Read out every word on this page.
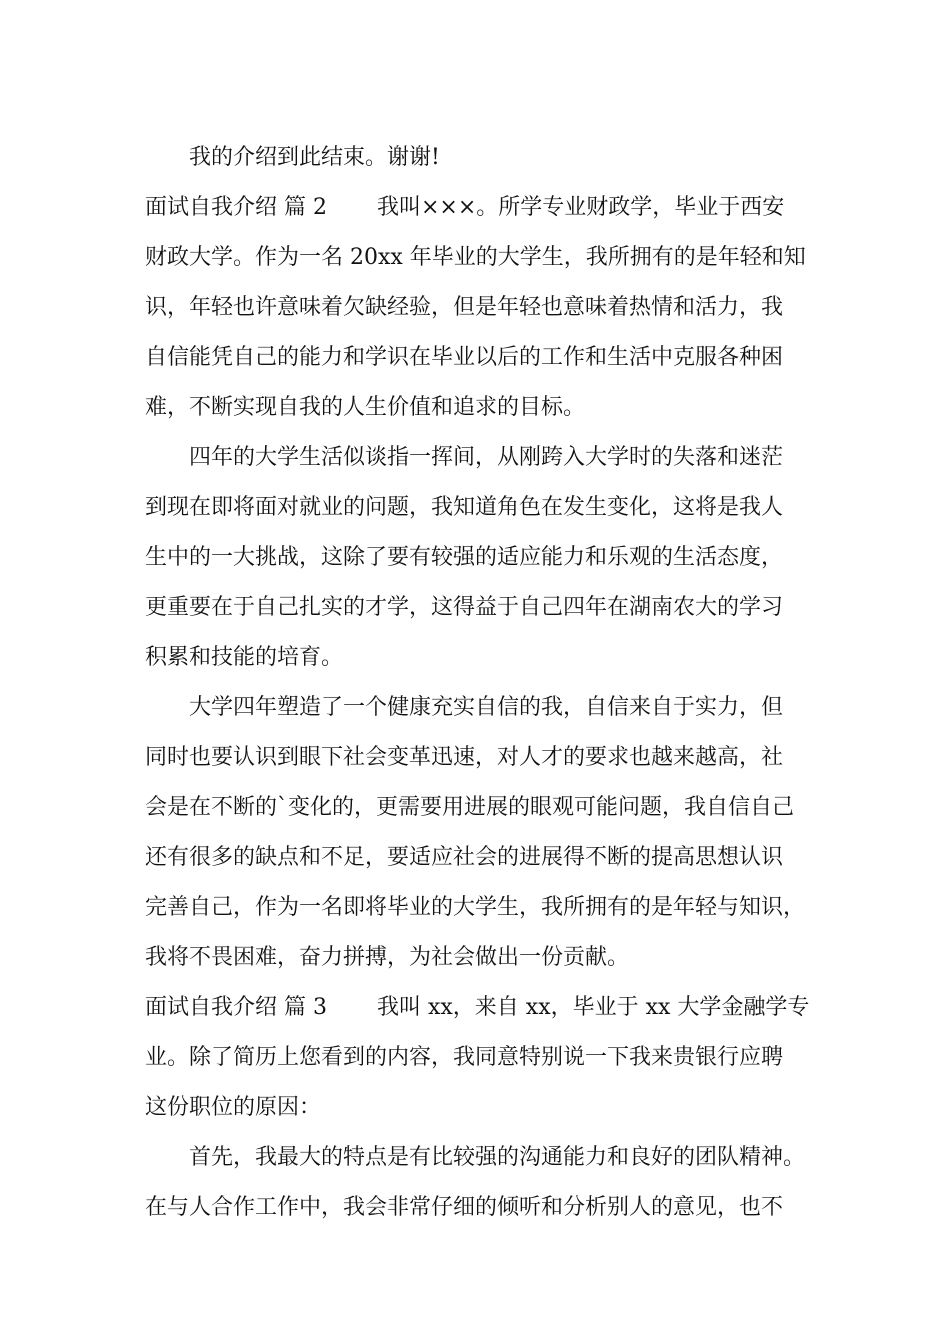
我的介绍到此结束。谢谢!
面试自我介绍 篇 2 我叫×××。所学专业财政学，毕业于西安
财政大学。作为一名 20xx 年毕业的大学生，我所拥有的是年轻和知
识，年轻也许意味着欠缺经验，但是年轻也意味着热情和活力，我
自信能凭自己的能力和学识在毕业以后的工作和生活中克服各种困
难，不断实现自我的人生价值和追求的目标。
四年的大学生活似谈指一挥间，从刚跨入大学时的失落和迷茫
到现在即将面对就业的问题，我知道角色在发生变化，这将是我人
生中的一大挑战，这除了要有较强的适应能力和乐观的生活态度，
更重要在于自己扎实的才学，这得益于自己四年在湖南农大的学习
积累和技能的培育。
大学四年塑造了一个健康充实自信的我，自信来自于实力，但
同时也要认识到眼下社会变革迅速，对人才的要求也越来越高，社
会是在不断的`变化的，更需要用进展的眼观可能问题，我自信自己
还有很多的缺点和不足，要适应社会的进展得不断的提高思想认识
完善自己，作为一名即将毕业的大学生，我所拥有的是年轻与知识，
我将不畏困难，奋力拼搏，为社会做出一份贡献。
面试自我介绍 篇 3 我叫 xx，来自 xx，毕业于 xx 大学金融学专
业。除了简历上您看到的内容，我同意特别说一下我来贵银行应聘
这份职位的原因：
首先，我最大的特点是有比较强的沟通能力和良好的团队精神。
在与人合作工作中，我会非常仔细的倾听和分析别人的意见，也不
